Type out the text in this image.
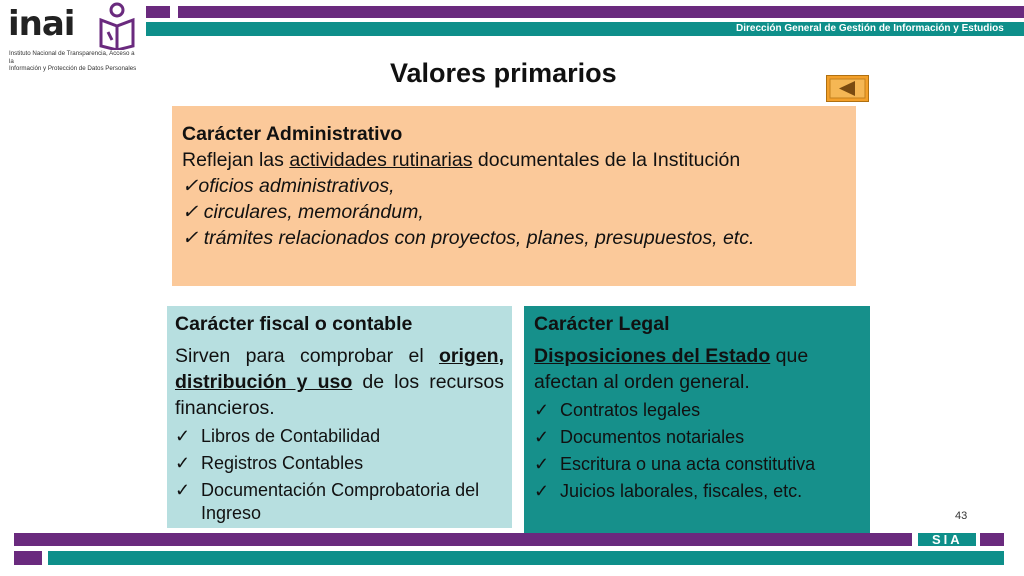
inai
Instituto Nacional de Transparencia, Acceso a la
Información y Protección de Datos Personales
Dirección General de Gestión de Información y Estudios
Valores primarios
Carácter Administrativo
Reflejan las actividades rutinarias documentales de la Institución
✓oficios administrativos,
✓ circulares, memorándum,
✓ trámites relacionados con proyectos, planes, presupuestos, etc.
Carácter fiscal o contable
Sirven para comprobar el origen, distribución y uso de los recursos financieros.
✓ Libros de Contabilidad
✓ Registros Contables
✓ Documentación Comprobatoria del Ingreso
Carácter Legal
Disposiciones del Estado que afectan al orden general.
✓ Contratos legales
✓ Documentos notariales
✓ Escritura o una acta constitutiva
✓ Juicios laborales, fiscales, etc.
43
SIA
